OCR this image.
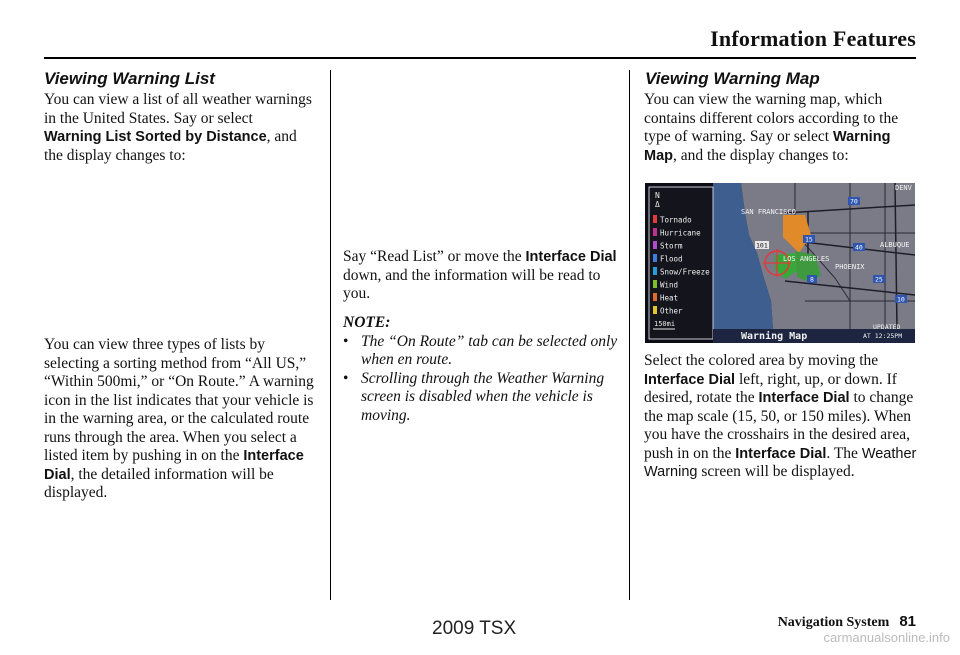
Information Features
Viewing Warning List
You can view a list of all weather warnings in the United States. Say or select Warning List Sorted by Distance, and the display changes to:
You can view three types of lists by selecting a sorting method from “All US,” “Within 500mi,” or “On Route.” A warning icon in the list indicates that your vehicle is in the warning area, or the calculated route runs through the area. When you select a listed item by pushing in on the Interface Dial, the detailed information will be displayed.
Say “Read List” or move the Interface Dial down, and the information will be read to you.
NOTE:
• The “On Route” tab can be selected only when en route.
• Scrolling through the Weather Warning screen is disabled when the vehicle is moving.
Viewing Warning Map
You can view the warning map, which contains different colors according to the type of warning. Say or select Warning Map, and the display changes to:
N
Δ
Tornado
Hurricane
Storm
Flood
Snow/Freeze
Wind
Heat
Other
150mi
Warning Map
UPDATED
AT 12:25PM
SAN FRANCISCO
LOS ANGELES
PHOENIX
ALBUQUE
DENV
70
15
40
101
8	25
10
Select the colored area by moving the Interface Dial left, right, up, or down. If desired, rotate the Interface Dial to change the map scale (15, 50, or 150 miles). When you have the crosshairs in the desired area, push in on the Interface Dial. The Weather Warning screen will be displayed.
Navigation System 81
2009 TSX	carmanualsonline.info
